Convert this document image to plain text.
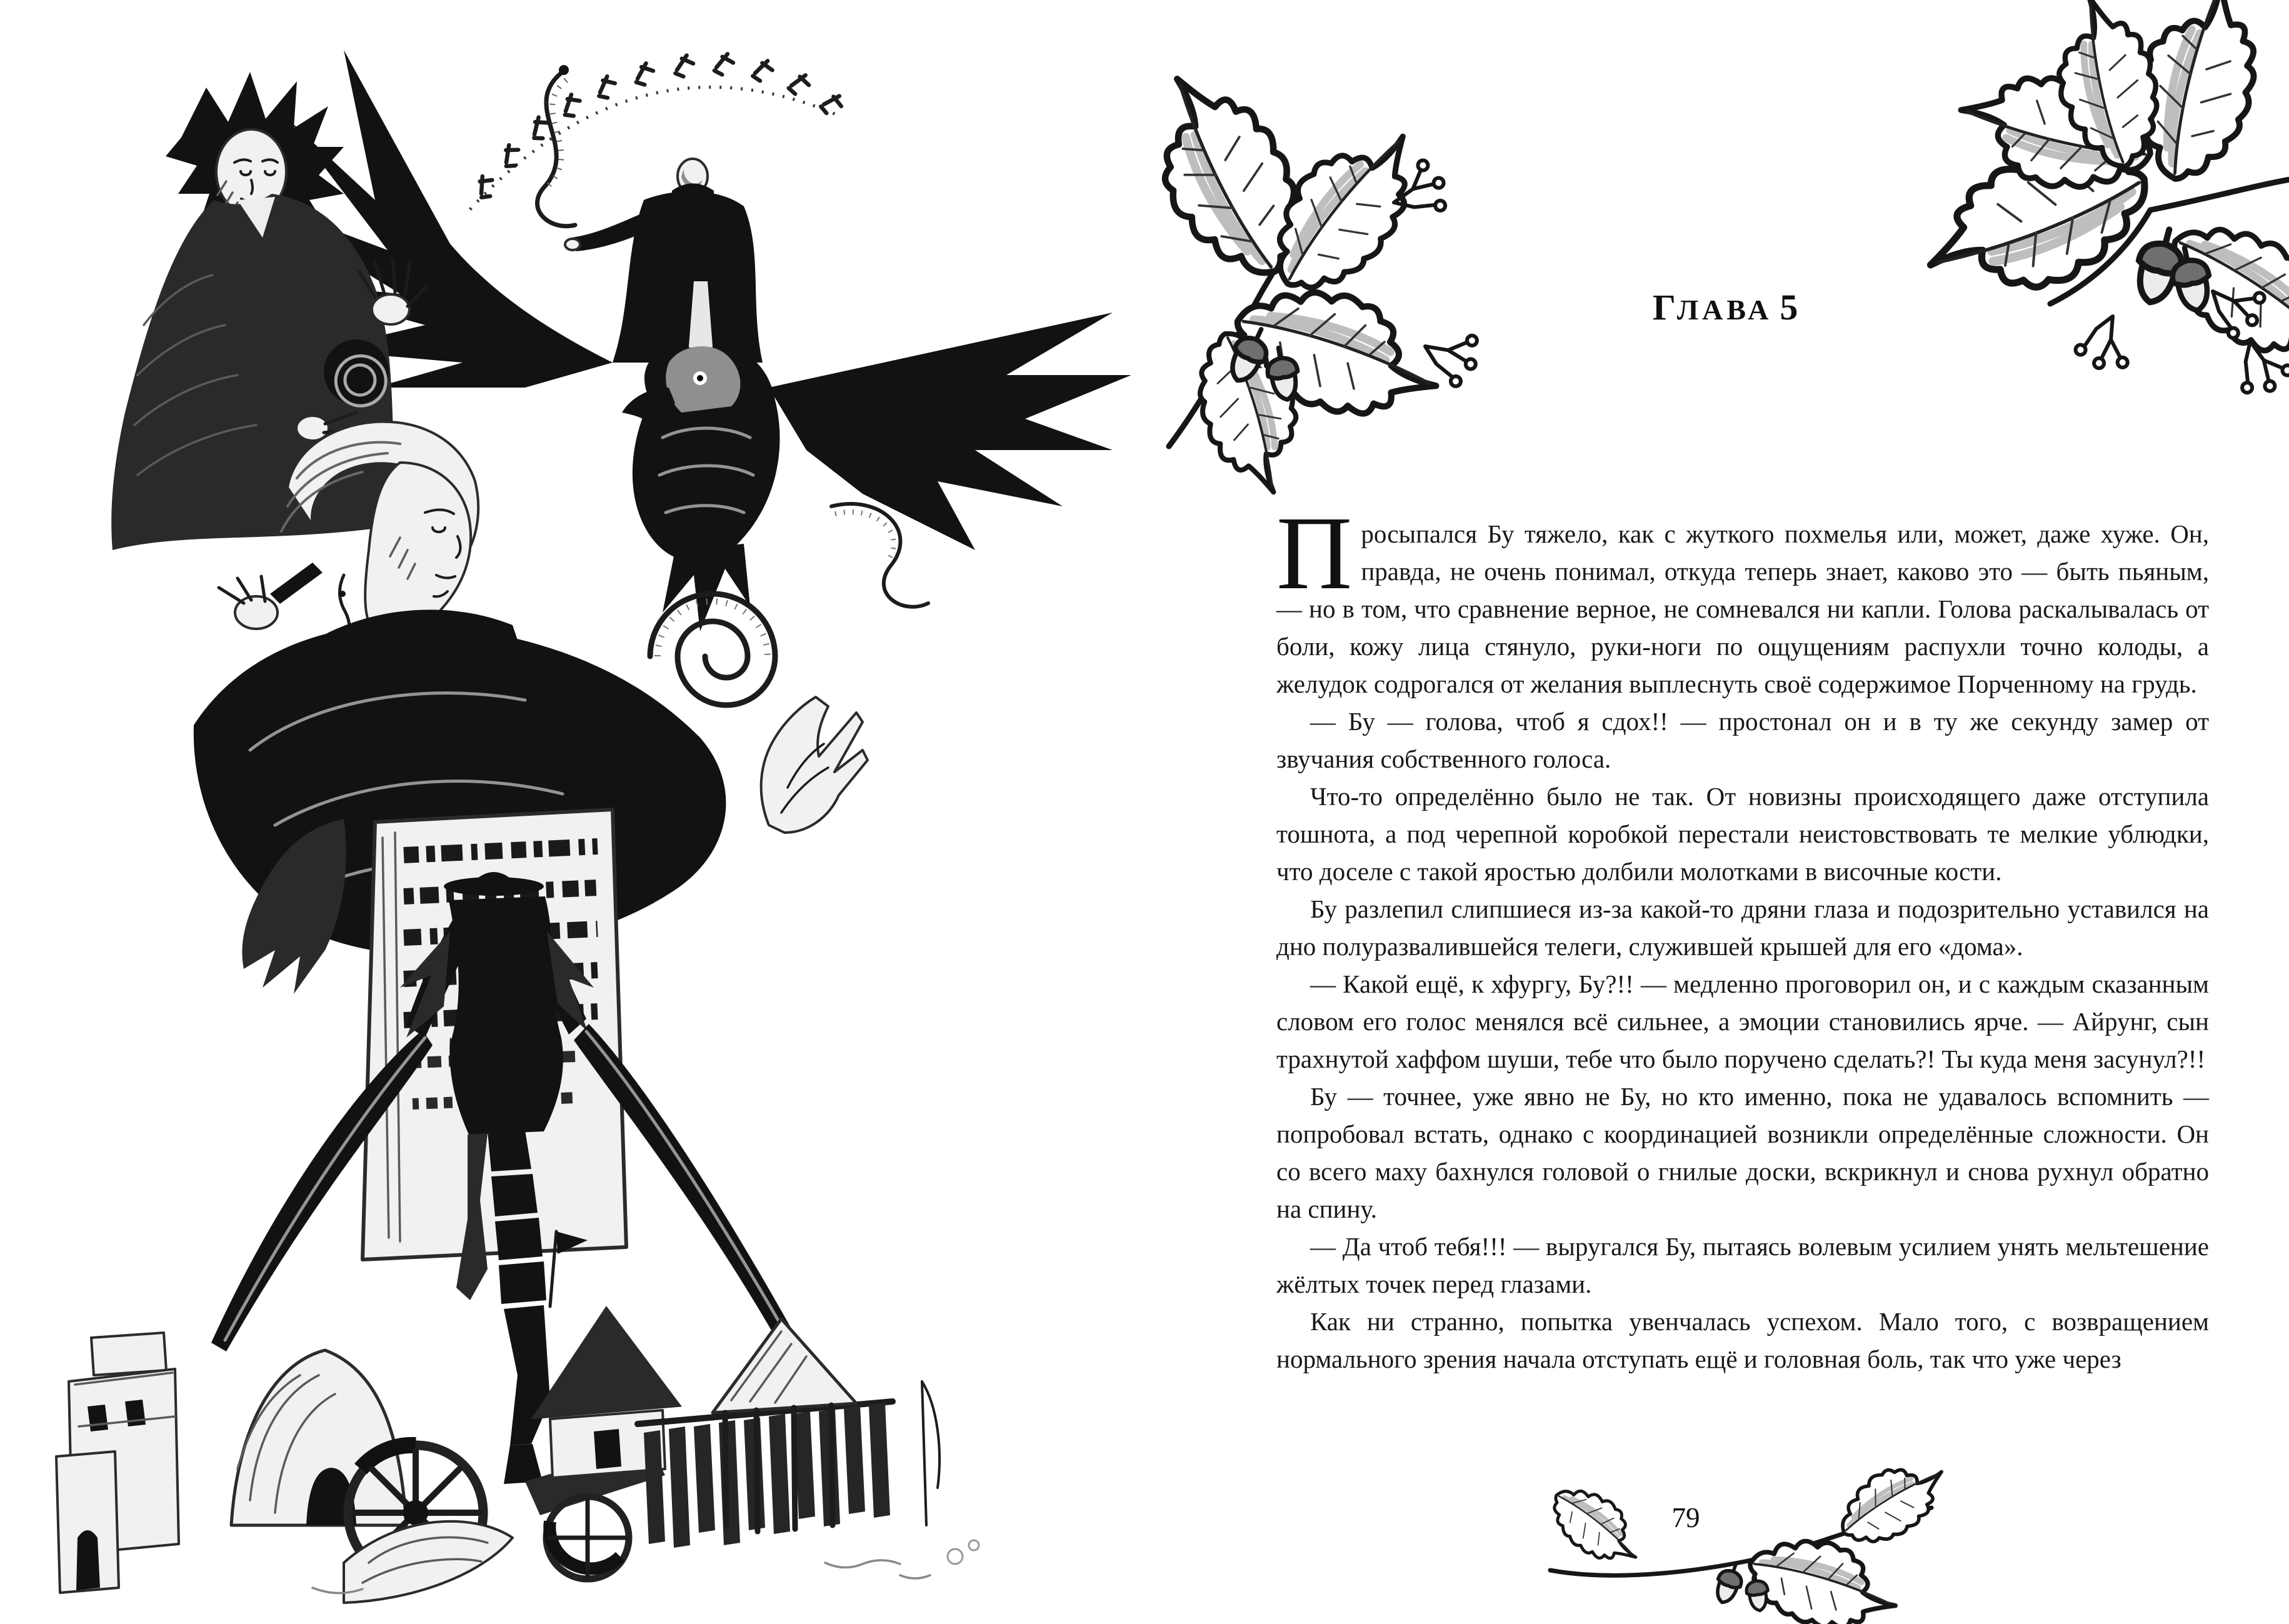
ГЛАВА 5

Просыпался Бу тяжело, как с жуткого похмелья или, может, даже хуже. Он, правда, не очень понимал, откуда теперь знает, каково это — быть пьяным, — но в том, что сравнение верное, не сомневался ни капли. Голова раскалывалась от боли, кожу лица стянуло, руки-ноги по ощущениям распухли точно колоды, а желудок содрогался от желания выплеснуть своё содержимое Порченному на грудь.

— Бу — голова, чтоб я сдох!! — простонал он и в ту же секунду замер от звучания собственного голоса.

Что-то определённо было не так. От новизны происходящего даже отступила тошнота, а под черепной коробкой перестали неистовствовать те мелкие ублюдки, что доселе с такой яростью долбили молотками в височные кости.

Бу разлепил слипшиеся из-за какой-то дряни глаза и подозрительно уставился на дно полуразвалившейся телеги, служившей крышей для его «дома».

— Какой ещё, к хфургу, Бу?!! — медленно проговорил он, и с каждым сказанным словом его голос менялся всё сильнее, а эмоции становились ярче. — Айрунг, сын трахнутой хаффом шуши, тебе что было поручено сделать?! Ты куда меня засунул?!!

Бу — точнее, уже явно не Бу, но кто именно, пока не удавалось вспомнить — попробовал встать, однако с координацией возникли определённые сложности. Он со всего маху бахнулся головой о гнилые доски, вскрикнул и снова рухнул обратно на спину.

— Да чтоб тебя!!! — выругался Бу, пытаясь волевым усилием унять мельтешение жёлтых точек перед глазами.

Как ни странно, попытка увенчалась успехом. Мало того, с возвращением нормального зрения начала отступать ещё и головная боль, так что уже через

79
